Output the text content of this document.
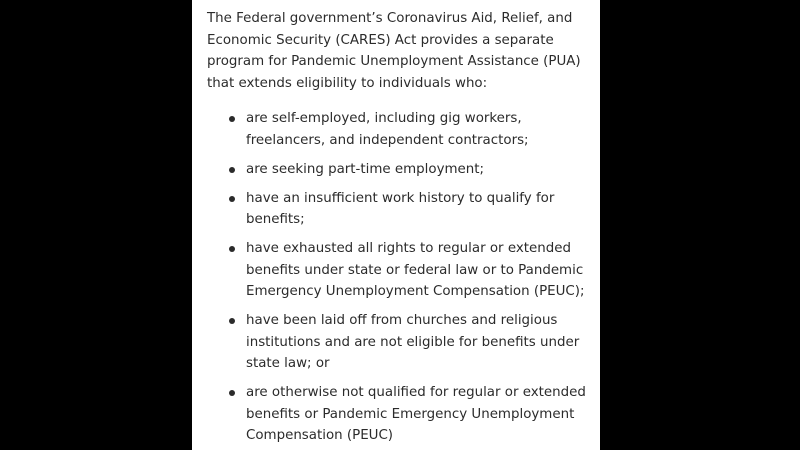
The Federal government’s Coronavirus Aid, Relief, and Economic Security (CARES) Act provides a separate program for Pandemic Unemployment Assistance (PUA) that extends eligibility to individuals who:

are self-employed, including gig workers, freelancers, and independent contractors;
are seeking part-time employment;
have an insufficient work history to qualify for benefits;
have exhausted all rights to regular or extended benefits under state or federal law or to Pandemic Emergency Unemployment Compensation (PEUC);
have been laid off from churches and religious institutions and are not eligible for benefits under state law; or
are otherwise not qualified for regular or extended benefits or Pandemic Emergency Unemployment Compensation (PEUC)
